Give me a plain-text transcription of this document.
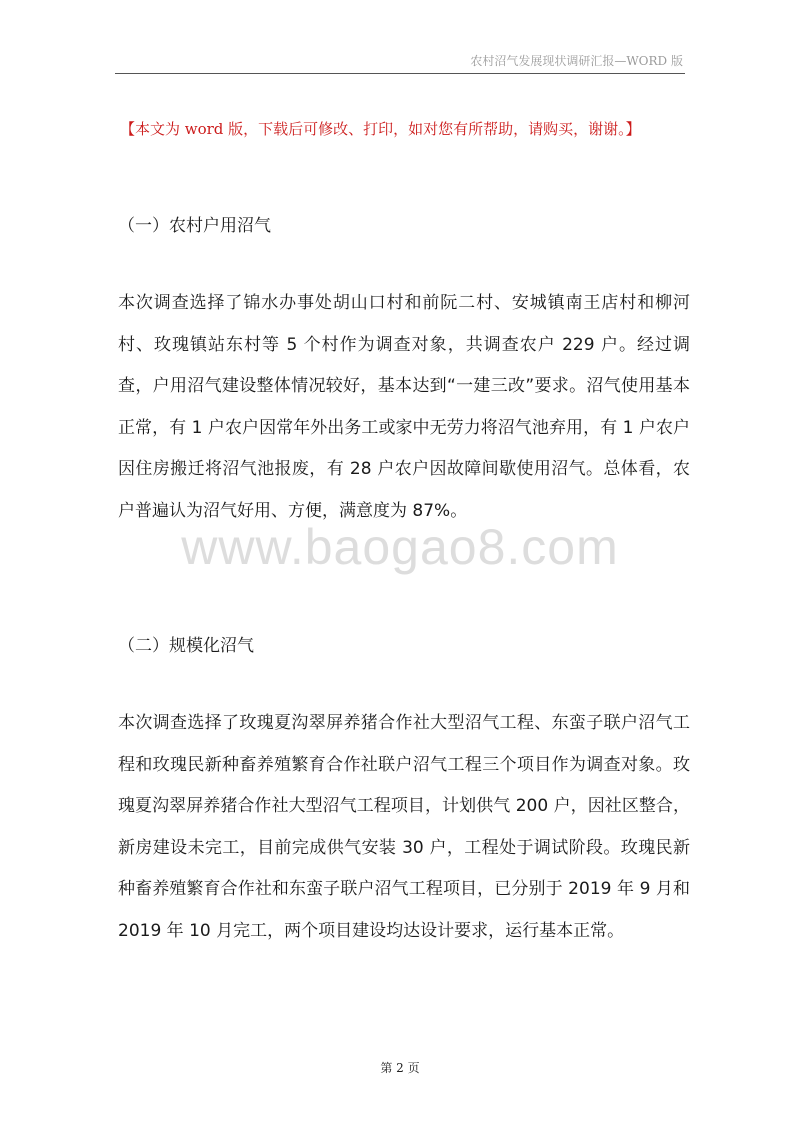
农村沼气发展现状调研汇报—WORD 版
【本文为 word 版，下载后可修改、打印，如对您有所帮助，请购买，谢谢。】
（一）农村户用沼气

本次调查选择了锦水办事处胡山口村和前阮二村、安城镇南王店村和柳河村、玫瑰镇站东村等 5 个村作为调查对象，共调查农户 229 户。经过调查，户用沼气建设整体情况较好，基本达到“一建三改”要求。沼气使用基本正常，有 1 户农户因常年外出务工或家中无劳力将沼气池弃用，有 1 户农户因住房搬迁将沼气池报废，有 28 户农户因故障间歇使用沼气。总体看，农户普遍认为沼气好用、方便，满意度为 87%。

www.baogao8.com
（二）规模化沼气

本次调查选择了玫瑰夏沟翠屏养猪合作社大型沼气工程、东蛮子联户沼气工程和玫瑰民新种畜养殖繁育合作社联户沼气工程三个项目作为调查对象。玫瑰夏沟翠屏养猪合作社大型沼气工程项目，计划供气 200 户，因社区整合，新房建设未完工，目前完成供气安装 30 户，工程处于调试阶段。玫瑰民新种畜养殖繁育合作社和东蛮子联户沼气工程项目，已分别于 2019 年 9 月和 2019 年 10 月完工，两个项目建设均达设计要求，运行基本正常。

第 2 页
